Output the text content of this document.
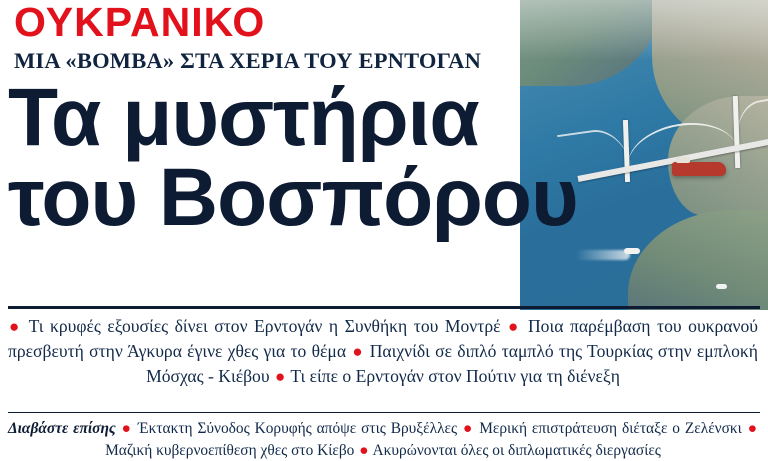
ΟΥΚΡΑΝΙΚΟ
ΜΙΑ «ΒΟΜΒΑ» ΣΤΑ ΧΕΡΙΑ ΤΟΥ ΕΡΝΤΟΓΑΝ
Τα μυστήρια
του Βοσπόρου
● Τι κρυφές εξουσίες δίνει στον Ερντογάν η Συνθήκη του Μοντρέ ● Ποια παρέμβαση του ουκρανού πρεσβευτή στην Άγκυρα έγινε χθες για το θέμα ● Παιχνίδι σε διπλό ταμπλό της Τουρκίας στην εμπλοκή Μόσχας - Κιέβου ● Τι είπε ο Ερντογάν στον Πούτιν για τη διένεξη
Διαβάστε επίσης ● Έκτακτη Σύνοδος Κορυφής απόψε στις Βρυξέλλες ● Μερική επιστράτευση διέταξε ο Ζελένσκι ● Μαζική κυβερνοεπίθεση χθες στο Κίεβο ● Ακυρώνονται όλες οι διπλωματικές διεργασίες
